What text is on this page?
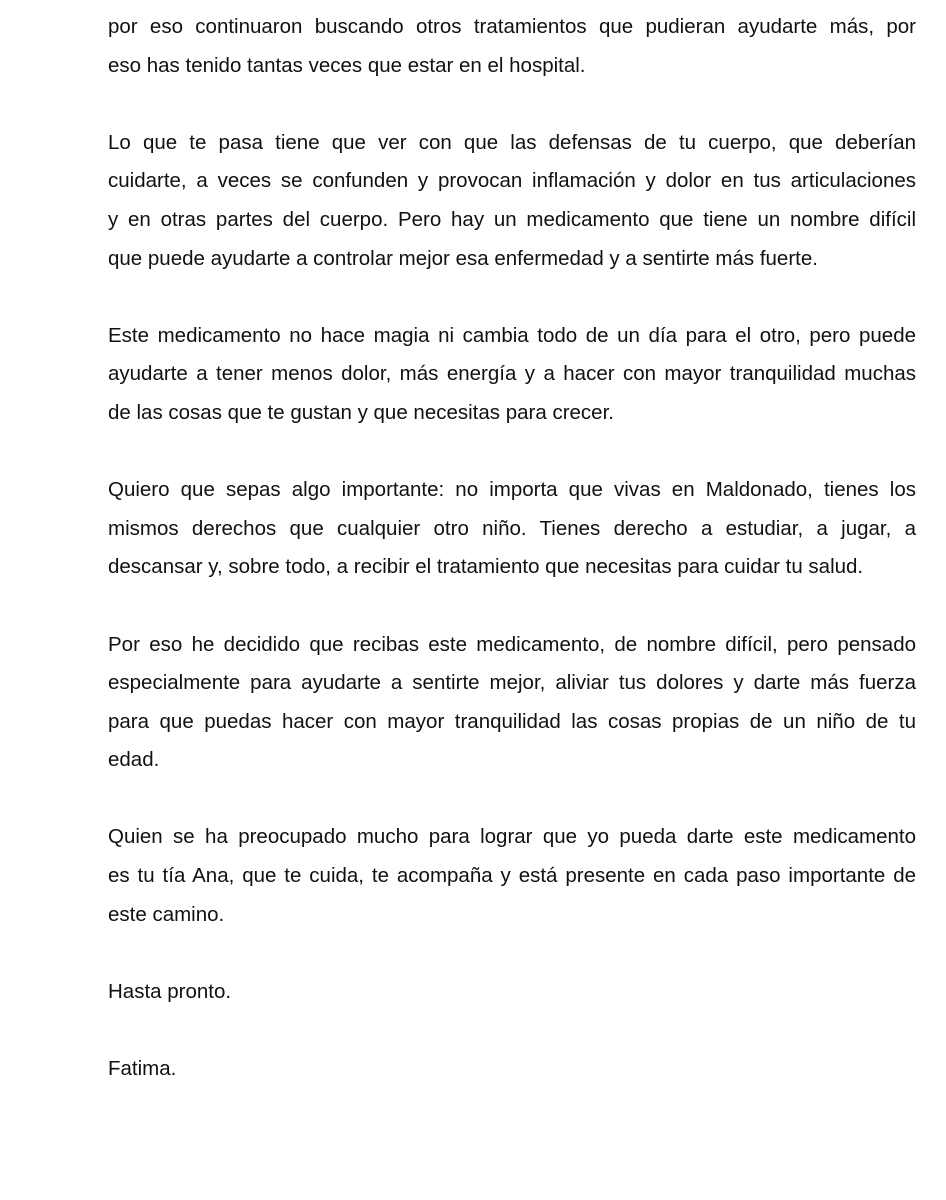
por eso continuaron buscando otros tratamientos que pudieran ayudarte más, por
eso has tenido tantas veces que estar en el hospital.
Lo que te pasa tiene que ver con que las defensas de tu cuerpo, que deberían
cuidarte, a veces se confunden y provocan inflamación y dolor en tus articulaciones
y en otras partes del cuerpo. Pero hay un medicamento que tiene un nombre difícil
que puede ayudarte a controlar mejor esa enfermedad y a sentirte más fuerte.
Este medicamento no hace magia ni cambia todo de un día para el otro, pero puede
ayudarte a tener menos dolor, más energía y a hacer con mayor tranquilidad muchas
de las cosas que te gustan y que necesitas para crecer.
Quiero que sepas algo importante: no importa que vivas en Maldonado, tienes los
mismos derechos que cualquier otro niño. Tienes derecho a estudiar, a jugar, a
descansar y, sobre todo, a recibir el tratamiento que necesitas para cuidar tu salud.
Por eso he decidido que recibas este medicamento, de nombre difícil, pero pensado
especialmente para ayudarte a sentirte mejor, aliviar tus dolores y darte más fuerza
para que puedas hacer con mayor tranquilidad las cosas propias de un niño de tu
edad.
Quien se ha preocupado mucho para lograr que yo pueda darte este medicamento
es tu tía Ana, que te cuida, te acompaña y está presente en cada paso importante de
este camino.
Hasta pronto.
Fatima.
